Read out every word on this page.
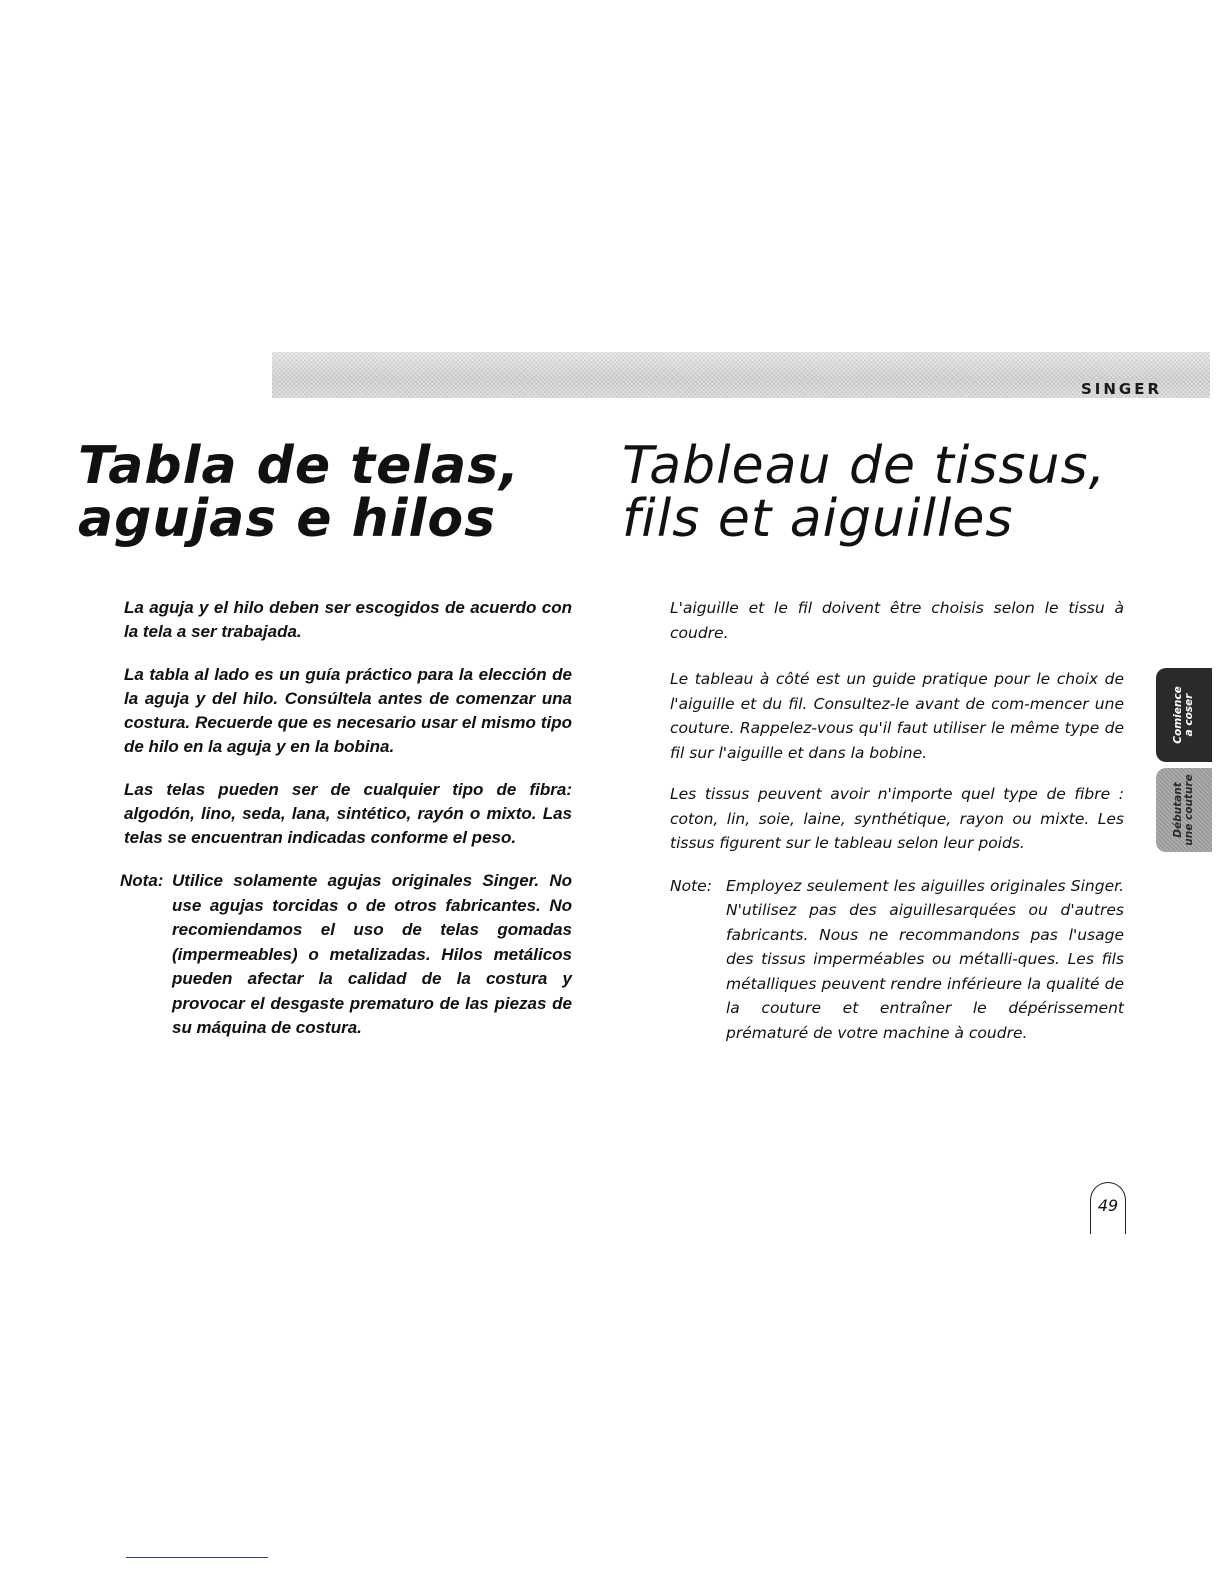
SINGER
Tabla de telas,
agujas e hilos
Tableau de tissus,
fils et aiguilles

La aguja y el hilo deben ser escogidos de acuerdo con la tela a ser trabajada.

La tabla al lado es un guía práctico para la elección de la aguja y del hilo. Consúltela antes de comenzar una costura. Recuerde que es necesario usar el mismo tipo de hilo en la aguja y en la bobina.

Las telas pueden ser de cualquier tipo de fibra: algodón, lino, seda, lana, sintético, rayón o mixto. Las telas se encuentran indicadas conforme el peso.

Nota: Utilice solamente agujas originales Singer. No use agujas torcidas o de otros fabricantes. No recomiendamos el uso de telas gomadas (impermeables) o metalizadas. Hilos metálicos pueden afectar la calidad de la costura y provocar el desgaste prematuro de las piezas de su máquina de costura.

L'aiguille et le fil doivent être choisis selon le tissu à coudre.

Le tableau à côté est un guide pratique pour le choix de l'aiguille et du fil. Consultez-le avant de com-mencer une couture. Rappelez-vous qu'il faut utiliser le même type de fil sur l'aiguille et dans la bobine.

Les tissus peuvent avoir n'importe quel type de fibre : coton, lin, soie, laine, synthétique, rayon ou mixte. Les tissus figurent sur le tableau selon leur poids.

Note: Employez seulement les aiguilles originales Singer. N'utilisez pas des aiguillesarquées ou d'autres fabricants. Nous ne recommandons pas l'usage des tissus imperméables ou métalli-ques. Les fils métalliques peuvent rendre inférieure la qualité de la couture et entraîner le dépérissement prématuré de votre machine à coudre.
Comience a coser
Débutant une couture
49
